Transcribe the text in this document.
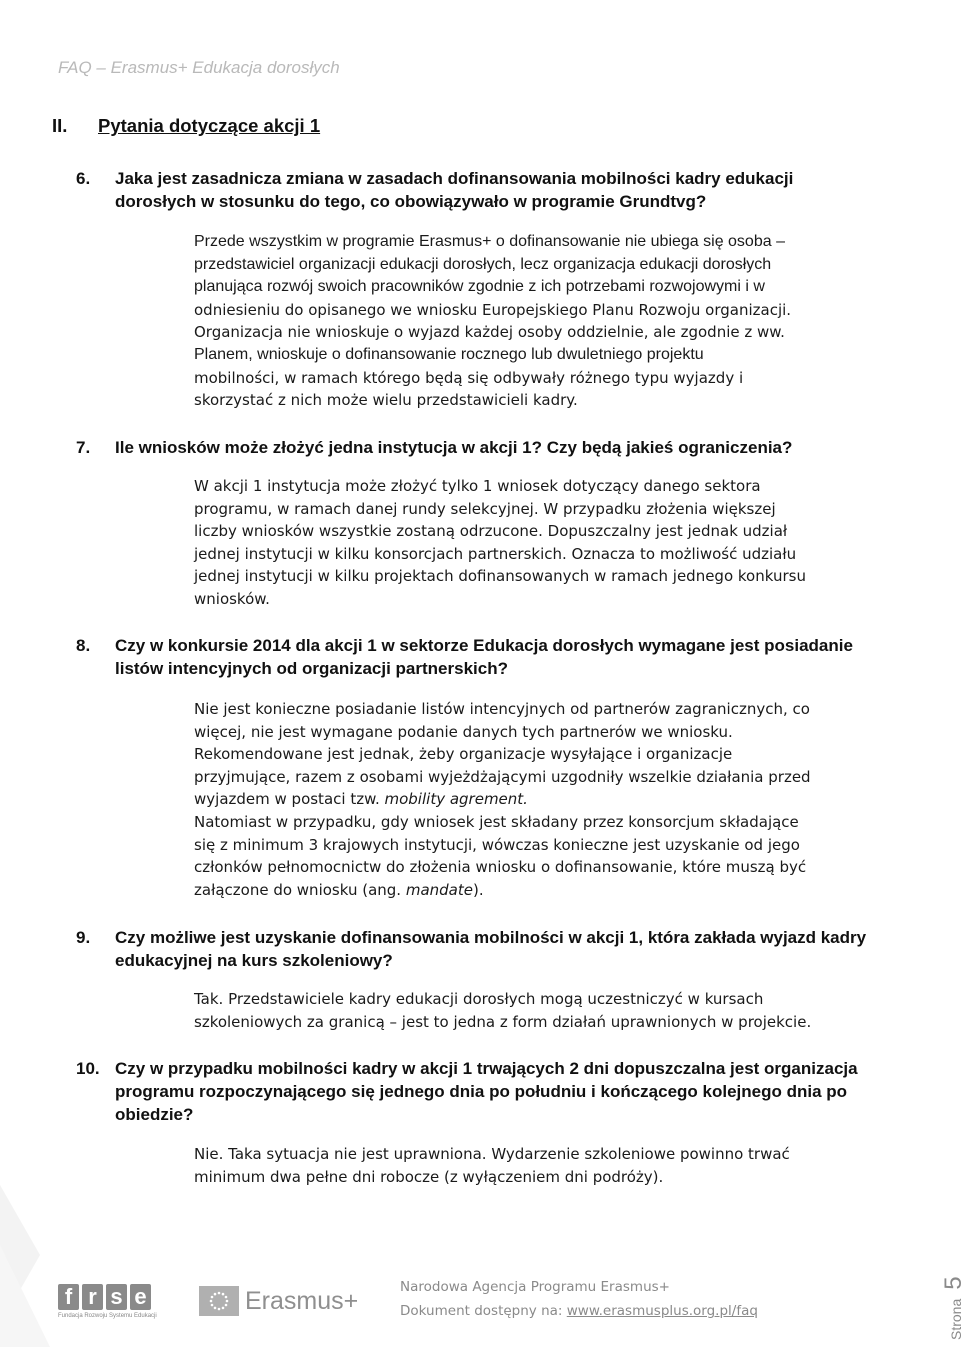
FAQ – Erasmus+ Edukacja dorosłych
II. Pytania dotyczące akcji 1
6. Jaka jest zasadnicza zmiana w zasadach dofinansowania mobilności kadry edukacji
dorosłych w stosunku do tego, co obowiązywało w programie Grundtvg?
Przede wszystkim w programie Erasmus+ o dofinansowanie nie ubiega się osoba –
przedstawiciel organizacji edukacji dorosłych, lecz organizacja edukacji dorosłych
planująca rozwój swoich pracowników zgodnie z ich potrzebami rozwojowymi i w
odniesieniu do opisanego we wniosku Europejskiego Planu Rozwoju organizacji.
Organizacja nie wnioskuje o wyjazd każdej osoby oddzielnie, ale zgodnie z ww.
Planem, wnioskuje o dofinansowanie rocznego lub dwuletniego projektu
mobilności, w ramach którego będą się odbywały różnego typu wyjazdy i
skorzystać z nich może wielu przedstawicieli kadry.
7. Ile wniosków może złożyć jedna instytucja w akcji 1? Czy będą jakieś ograniczenia?
W akcji 1 instytucja może złożyć tylko 1 wniosek dotyczący danego sektora
programu, w ramach danej rundy selekcyjnej. W przypadku złożenia większej
liczby wniosków wszystkie zostaną odrzucone. Dopuszczalny jest jednak udział
jednej instytucji w kilku konsorcjach partnerskich. Oznacza to możliwość udziału
jednej instytucji w kilku projektach dofinansowanych w ramach jednego konkursu
wniosków.
8. Czy w konkursie 2014 dla akcji 1 w sektorze Edukacja dorosłych wymagane jest posiadanie
listów intencyjnych od organizacji partnerskich?
Nie jest konieczne posiadanie listów intencyjnych od partnerów zagranicznych, co
więcej, nie jest wymagane podanie danych tych partnerów we wniosku.
Rekomendowane jest jednak, żeby organizacje wysyłające i organizacje
przyjmujące, razem z osobami wyjeżdżającymi uzgodniły wszelkie działania przed
wyjazdem w postaci tzw. mobility agrement.
Natomiast w przypadku, gdy wniosek jest składany przez konsorcjum składające
się z minimum 3 krajowych instytucji, wówczas konieczne jest uzyskanie od jego
członków pełnomocnictw do złożenia wniosku o dofinansowanie, które muszą być
załączone do wniosku (ang. mandate).
9. Czy możliwe jest uzyskanie dofinansowania mobilności w akcji 1, która zakłada wyjazd kadry
edukacyjnej na kurs szkoleniowy?
Tak. Przedstawiciele kadry edukacji dorosłych mogą uczestniczyć w kursach
szkoleniowych za granicą – jest to jedna z form działań uprawnionych w projekcie.
10. Czy w przypadku mobilności kadry w akcji 1 trwających 2 dni dopuszczalna jest organizacja
programu rozpoczynającego się jednego dnia po południu i kończącego kolejnego dnia po
obiedzie?
Nie. Taka sytuacja nie jest uprawniona. Wydarzenie szkoleniowe powinno trwać
minimum dwa pełne dni robocze (z wyłączeniem dni podróży).
f r s e
Fundacja Rozwoju Systemu Edukacji
Erasmus+	Narodowa Agencja Programu Erasmus+
Dokument dostępny na: www.erasmusplus.org.pl/faq	Strona
5
